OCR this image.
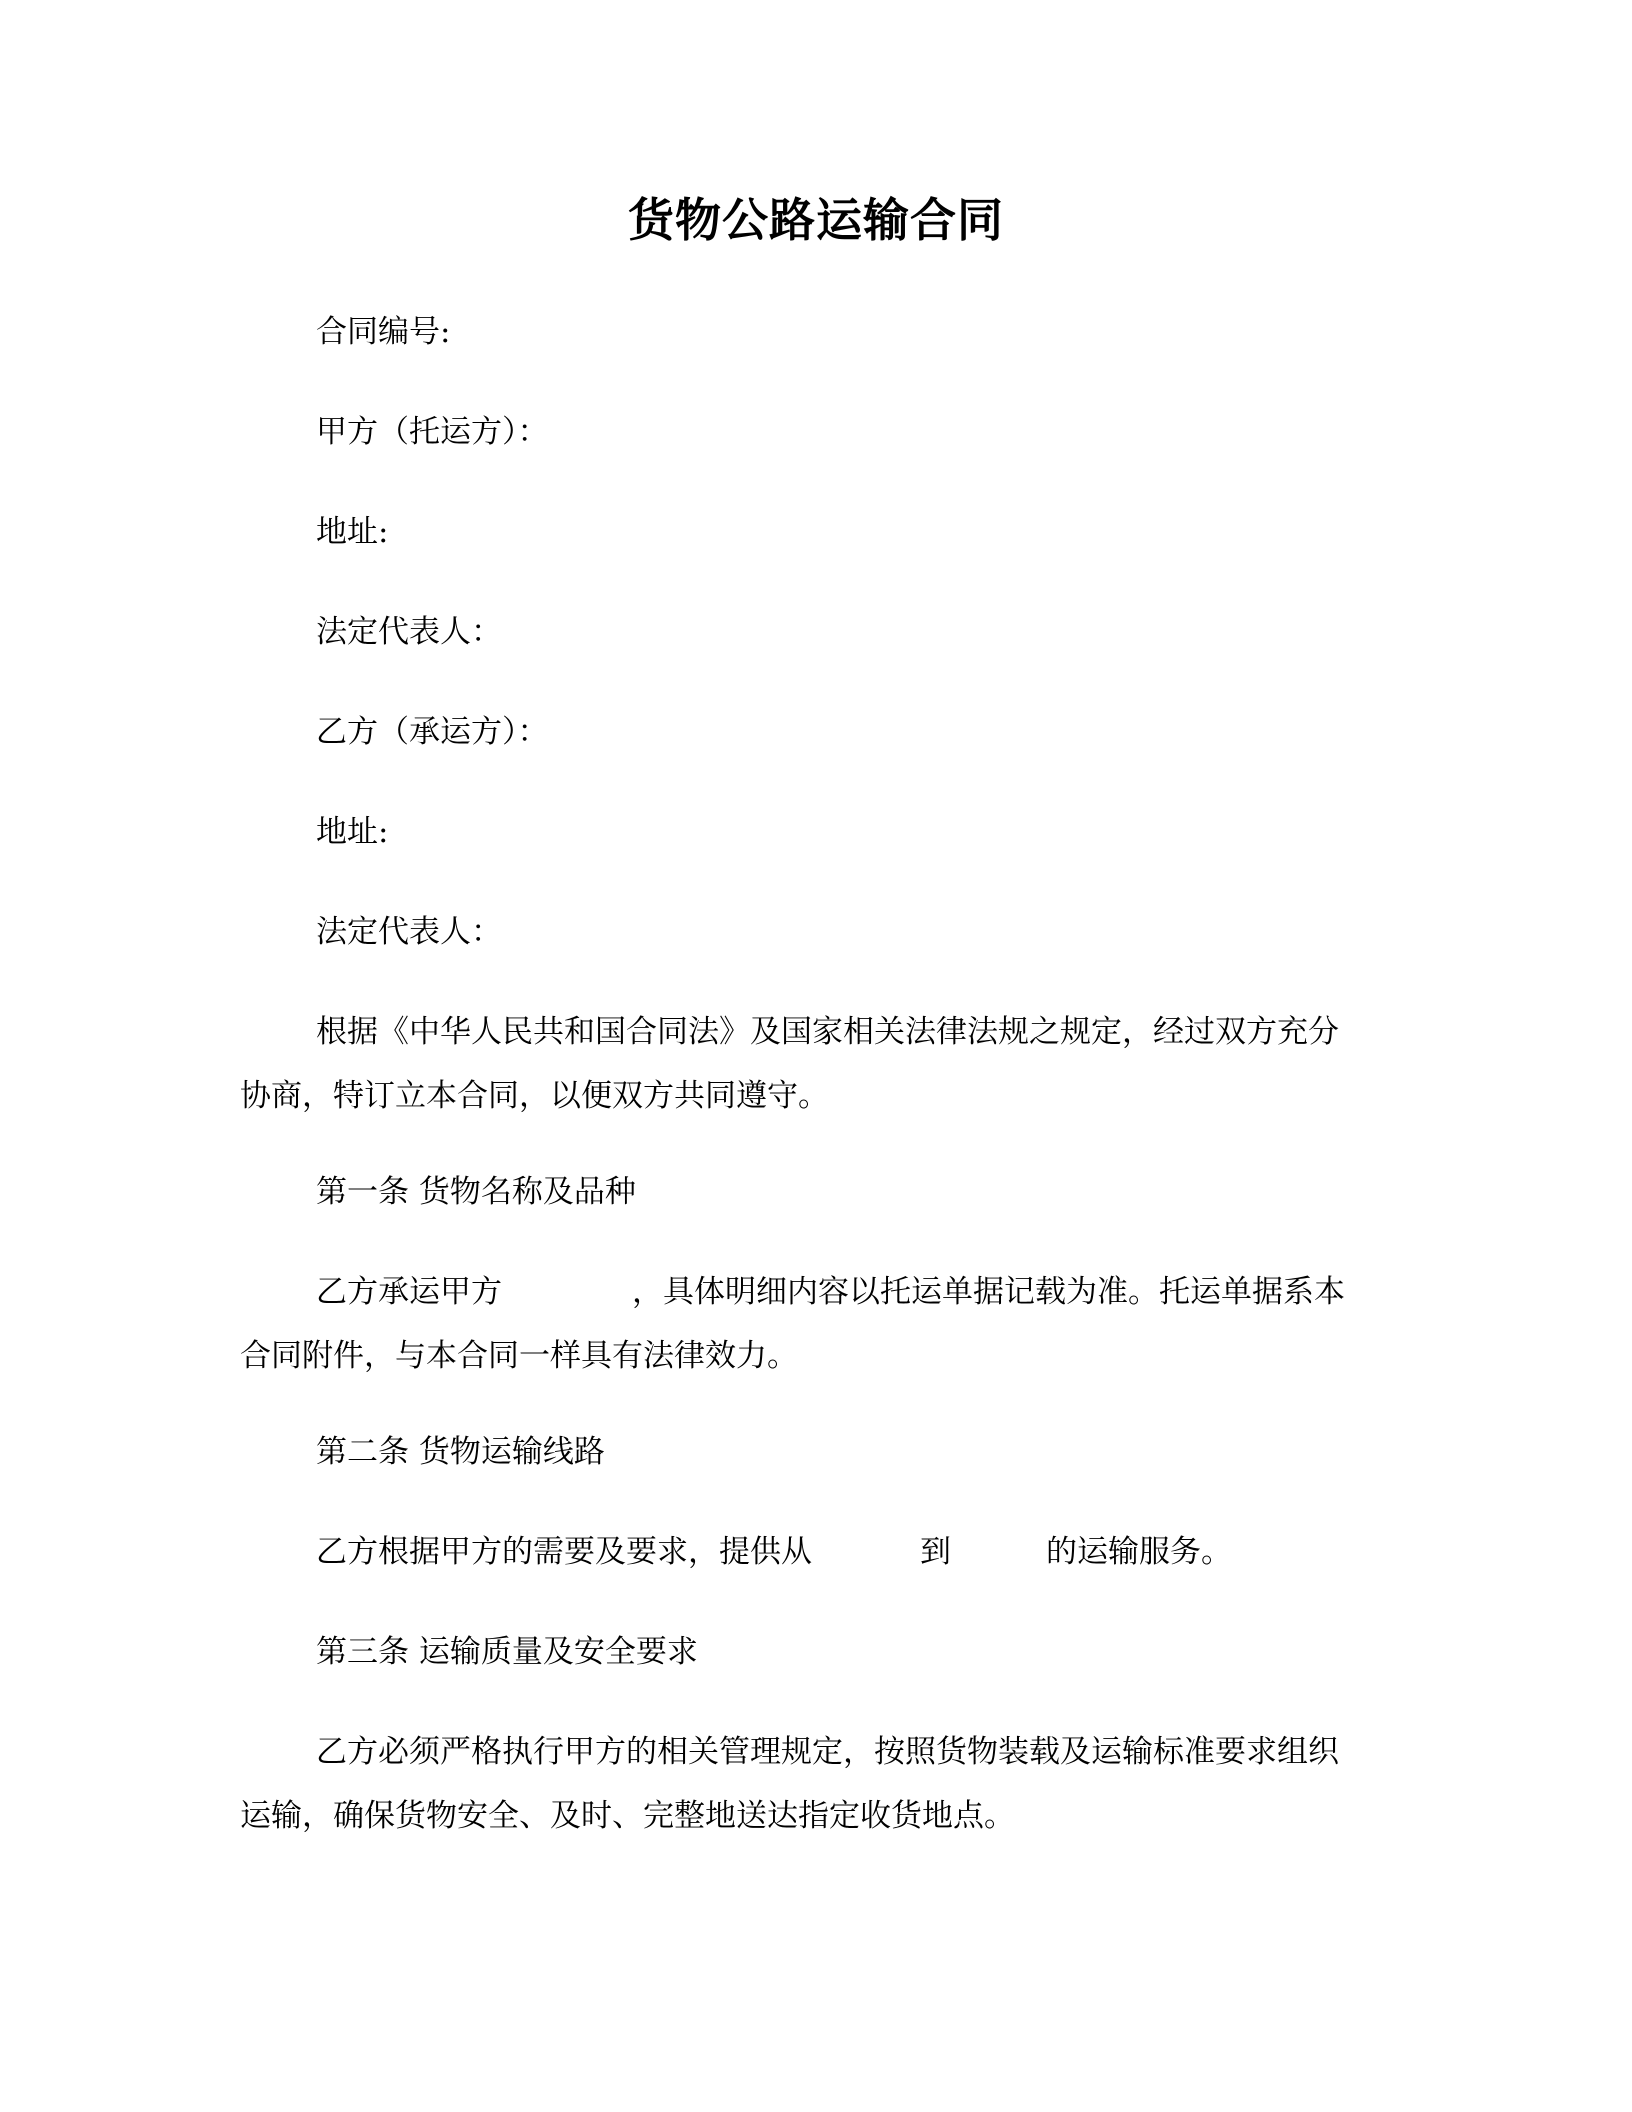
货物公路运输合同
合同编号:
甲方（托运方）：
地址:
法定代表人：
乙方（承运方）：
地址:
法定代表人：
根据《中华人民共和国合同法》及国家相关法律法规之规定，经过双方充分
协商，特订立本合同，以便双方共同遵守。
第一条 货物名称及品种
乙方承运甲方	，具体明细内容以托运单据记载为准。托运单据系本
合同附件，与本合同一样具有法律效力。
第二条 货物运输线路
乙方根据甲方的需要及要求，提供从	到	的运输服务。
第三条 运输质量及安全要求
乙方必须严格执行甲方的相关管理规定，按照货物装载及运输标准要求组织
运输，确保货物安全、及时、完整地送达指定收货地点。
